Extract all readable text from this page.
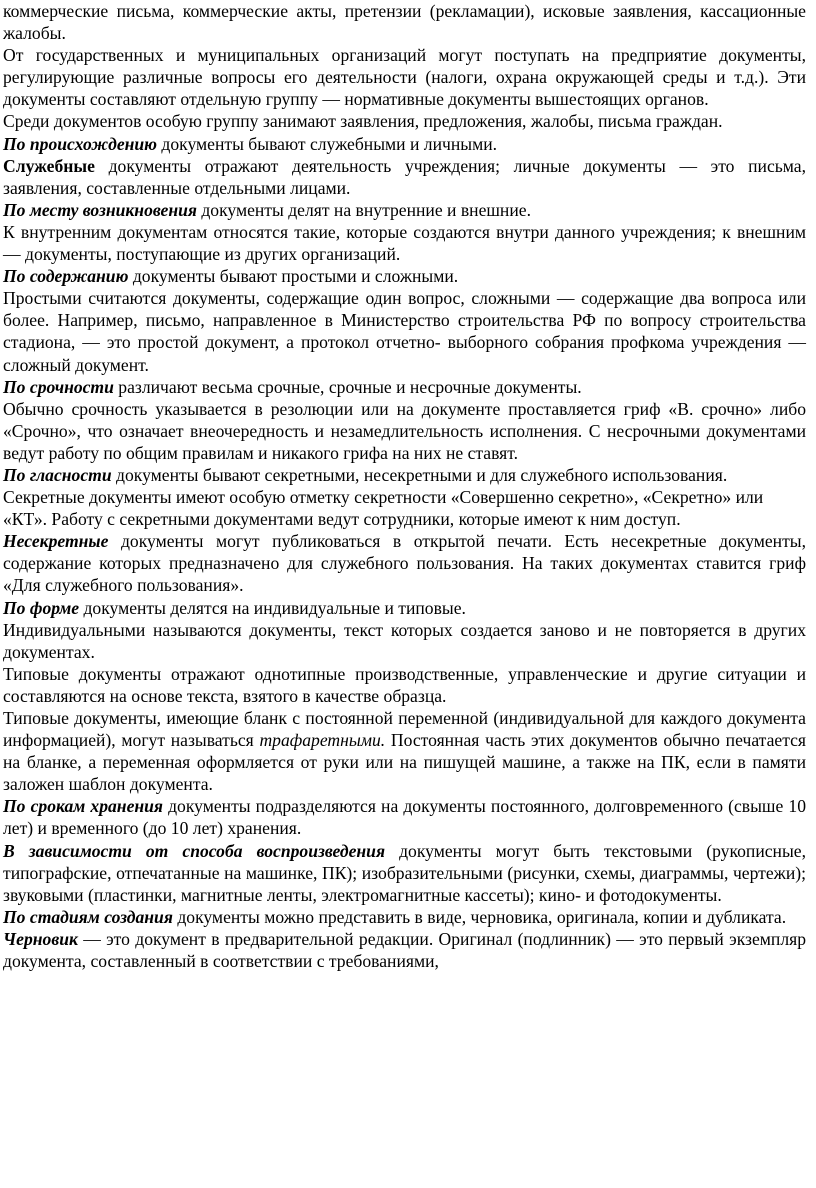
коммерческие письма, коммерческие акты, претензии (рекламации), исковые заявления, кассационные жалобы.

От государственных и муниципальных организаций могут поступать на предприятие документы, регулирующие различные вопросы его деятельности (налоги, охрана окружающей среды и т.д.). Эти документы составляют отдельную группу — нормативные документы вышестоящих органов.

Среди документов особую группу занимают заявления, предложения, жалобы, письма граждан.

По происхождению документы бывают служебными и личными.

Служебные документы отражают деятельность учреждения; личные документы — это письма, заявления, составленные отдельными лицами.

По месту возникновения документы делят на внутренние и внешние.

К внутренним документам относятся такие, которые создаются внутри данного учреждения; к внешним — документы, поступающие из других организаций.

По содержанию документы бывают простыми и сложными.

Простыми считаются документы, содержащие один вопрос, сложными — содержащие два вопроса или более. Например, письмо, направленное в Министерство строительства РФ по вопросу строительства стадиона, — это простой документ, а протокол отчетно- выборного собрания профкома учреждения — сложный документ.

По срочности различают весьма срочные, срочные и несрочные документы.

Обычно срочность указывается в резолюции или на документе проставляется гриф «В. срочно» либо «Срочно», что означает внеочередность и незамедлительность исполнения. С несрочными документами ведут работу по общим правилам и никакого грифа на них не ставят.

По гласности документы бывают секретными, несекретными и для служебного использования.

Секретные документы имеют особую отметку секретности «Совершенно секретно», «Секретно» или «КТ». Работу с секретными документами ведут сотрудники, которые имеют к ним доступ.

Несекретные документы могут публиковаться в открытой печати. Есть несекретные документы, содержание которых предназначено для служебного пользования. На таких документах ставится гриф «Для служебного пользования».

По форме документы делятся на индивидуальные и типовые.

Индивидуальными называются документы, текст которых создается заново и не повторяется в других документах.

Типовые документы отражают однотипные производственные, управленческие и другие ситуации и составляются на основе текста, взятого в качестве образца.

Типовые документы, имеющие бланк с постоянной переменной (индивидуальной для каждого документа информацией), могут называться трафаретными. Постоянная часть этих документов обычно печатается на бланке, а переменная оформляется от руки или на пишущей машине, а также на ПК, если в памяти заложен шаблон документа.

По срокам хранения документы подразделяются на документы постоянного, долговременного (свыше 10 лет) и временного (до 10 лет) хранения.

В зависимости от способа воспроизведения документы могут быть текстовыми (рукописные, типографские, отпечатанные на машинке, ПК); изобразительными (рисунки, схемы, диаграммы, чертежи); звуковыми (пластинки, магнитные ленты, электромагнитные кассеты); кино- и фотодокументы.

По стадиям создания документы можно представить в виде, черновика, оригинала, копии и дубликата.

Черновик — это документ в предварительной редакции. Оригинал (подлинник) — это первый экземпляр документа, составленный в соответствии с требованиями,
